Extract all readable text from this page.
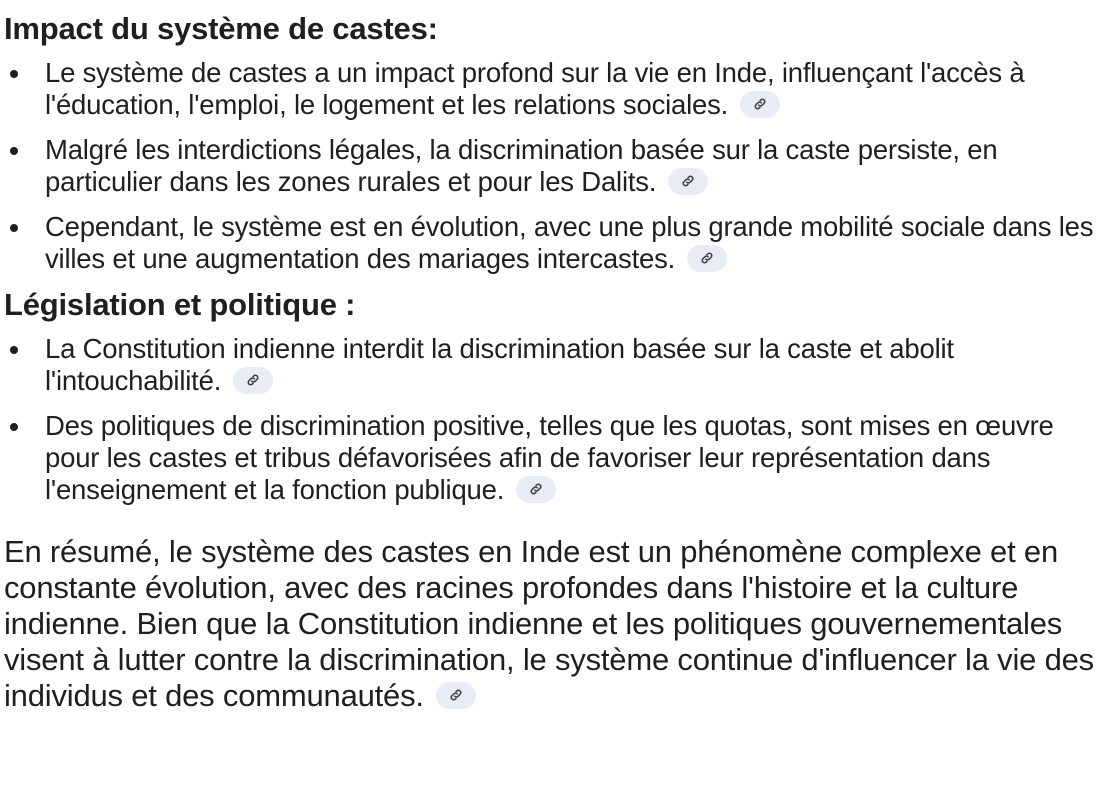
Impact du système de castes:
Le système de castes a un impact profond sur la vie en Inde, influençant l'accès à l'éducation, l'emploi, le logement et les relations sociales.
Malgré les interdictions légales, la discrimination basée sur la caste persiste, en particulier dans les zones rurales et pour les Dalits.
Cependant, le système est en évolution, avec une plus grande mobilité sociale dans les villes et une augmentation des mariages intercastes.
Législation et politique :
La Constitution indienne interdit la discrimination basée sur la caste et abolit l'intouchabilité.
Des politiques de discrimination positive, telles que les quotas, sont mises en œuvre pour les castes et tribus défavorisées afin de favoriser leur représentation dans l'enseignement et la fonction publique.

En résumé, le système des castes en Inde est un phénomène complexe et en constante évolution, avec des racines profondes dans l'histoire et la culture indienne. Bien que la Constitution indienne et les politiques gouvernementales visent à lutter contre la discrimination, le système continue d'influencer la vie des individus et des communautés.
